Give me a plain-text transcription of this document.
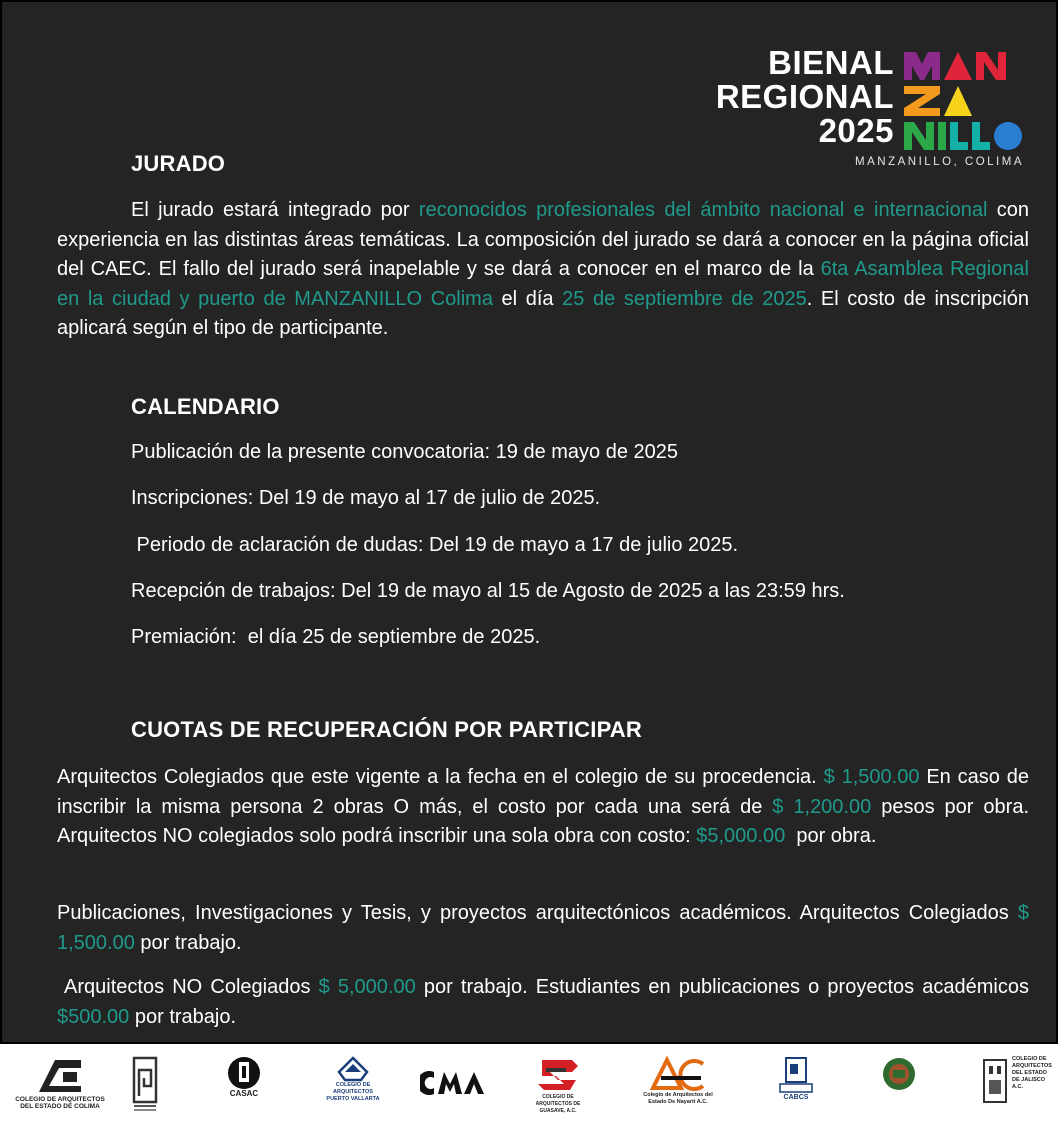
BIENAL
REGIONAL
2025
MANZANILLO, COLIMA
JURADO
El jurado estará integrado por reconocidos profesionales del ámbito nacional e internacional con experiencia en las distintas áreas temáticas. La composición del jurado se dará a conocer en la página oficial del CAEC. El fallo del jurado será inapelable y se dará a conocer en el marco de la 6ta Asamblea Regional en la ciudad y puerto de MANZANILLO Colima el día 25 de septiembre de 2025. El costo de inscripción aplicará según el tipo de participante.
CALENDARIO
Publicación de la presente convocatoria: 19 de mayo de 2025
Inscripciones: Del 19 de mayo al 17 de julio de 2025.
Periodo de aclaración de dudas: Del 19 de mayo a 17 de julio 2025.
Recepción de trabajos: Del 19 de mayo al 15 de Agosto de 2025 a las 23:59 hrs.
Premiación:  el día 25 de septiembre de 2025.
CUOTAS DE RECUPERACIÓN POR PARTICIPAR
Arquitectos Colegiados que este vigente a la fecha en el colegio de su procedencia. $ 1,500.00 En caso de inscribir la misma persona 2 obras O más, el costo por cada una será de $ 1,200.00 pesos por obra. Arquitectos NO colegiados solo podrá inscribir una sola obra con costo: $5,000.00  por obra.
Publicaciones, Investigaciones y Tesis, y proyectos arquitectónicos académicos. Arquitectos Colegiados $ 1,500.00 por trabajo.
Arquitectos NO Colegiados $ 5,000.00 por trabajo. Estudiantes en publicaciones o proyectos académicos $500.00 por trabajo.
COLEGIO DE ARQUITECTOS DEL ESTADO DE COLIMA
CASAC
COLEGIO DE ARQUITECTOS PUERTO VALLARTA	COLEGIO DE ARQUITECTOS DE GUASAVE, A.C.
Colegio de Arquitectos del Estado De Nayarit A.C.
CABCS
COLEGIO DE ARQUITECTOS DEL ESTADO DE JALISCO A.C.
